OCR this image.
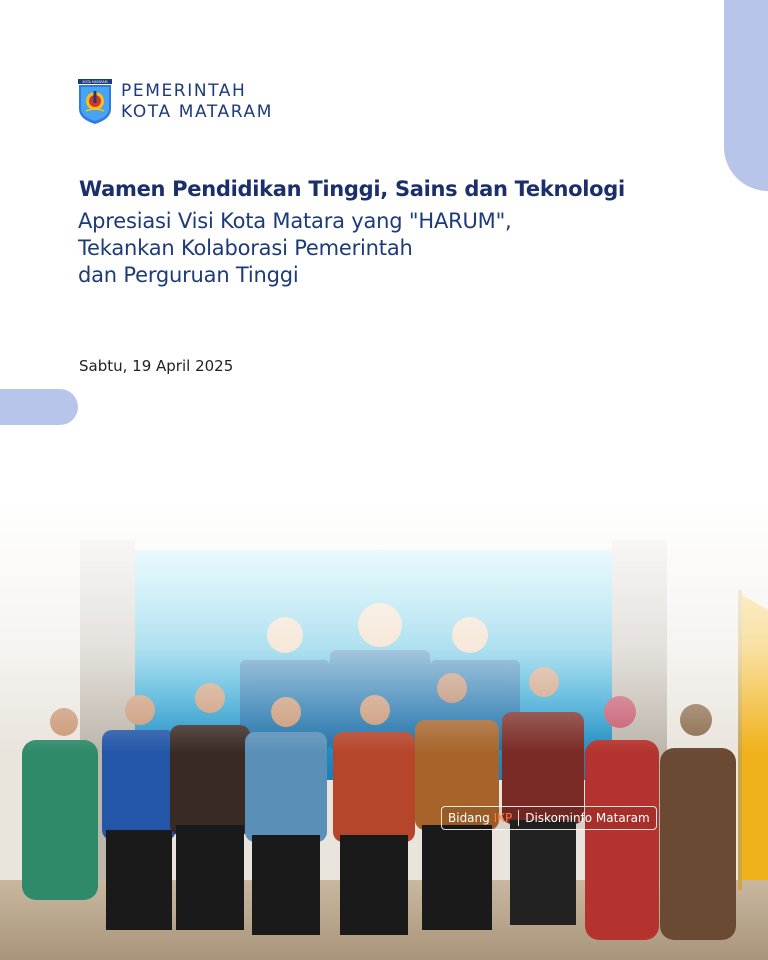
KOTA MATARAM PEMERINTAH
KOTA MATARAM
Wamen Pendidikan Tinggi, Sains dan Teknologi
Apresiasi Visi Kota Matara yang "HARUM",
Tekankan Kolaborasi Pemerintah
dan Perguruan Tinggi
Sabtu, 19 April 2025
Bidang IKP	Diskominfo Mataram
